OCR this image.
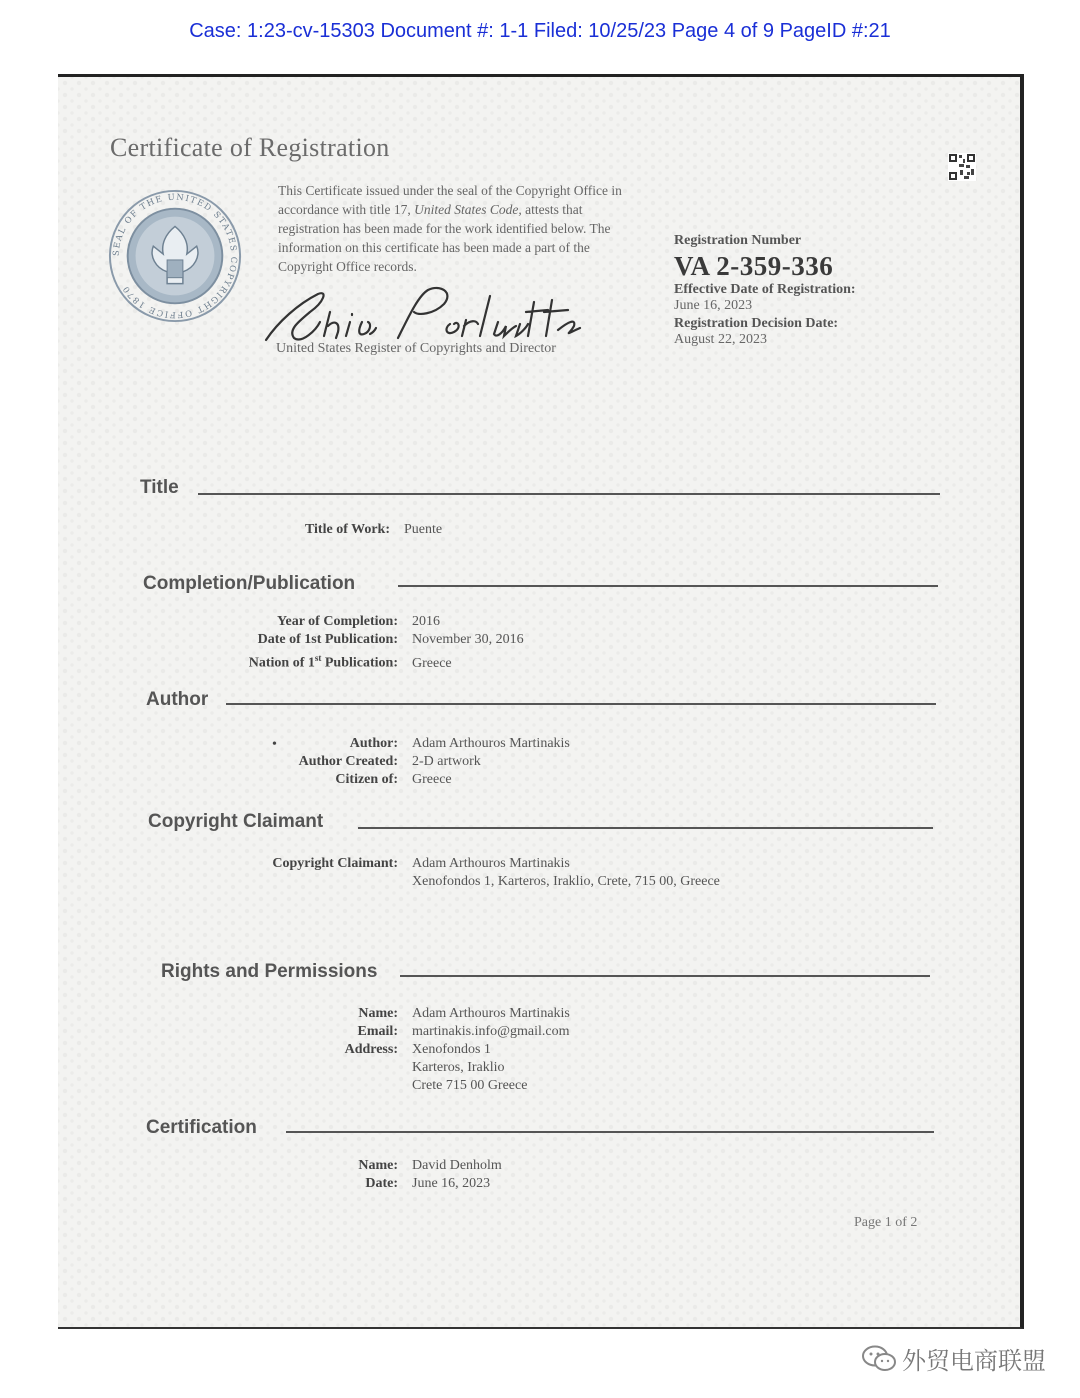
Case: 1:23-cv-15303 Document #: 1-1 Filed: 10/25/23 Page 4 of 9 PageID #:21
Certificate of Registration
SEAL OF THE UNITED STATES COPYRIGHT OFFICE 1870
This Certificate issued under the seal of the Copyright Office in accordance with title 17, United States Code, attests that registration has been made for the work identified below. The information on this certificate has been made a part of the Copyright Office records.
United States Register of Copyrights and Director
Registration Number
VA 2-359-336
Effective Date of Registration:
June 16, 2023
Registration Decision Date:
August 22, 2023
Title
Title of Work: Puente
Completion/Publication
Year of Completion: 2016
Date of 1st Publication: November 30, 2016
Nation of 1st Publication: Greece
Author
•	Author: Adam Arthouros Martinakis
Author Created: 2-D artwork
Citizen of: Greece
Copyright Claimant
Copyright Claimant: Adam Arthouros Martinakis
Xenofondos 1, Karteros, Iraklio, Crete, 715 00, Greece
Rights and Permissions
Name: Adam Arthouros Martinakis
Email: martinakis.info@gmail.com
Address: Xenofondos 1
Karteros, Iraklio
Crete 715 00 Greece
Certification
Name: David Denholm
Date: June 16, 2023
Page 1 of 2
外贸电商联盟
